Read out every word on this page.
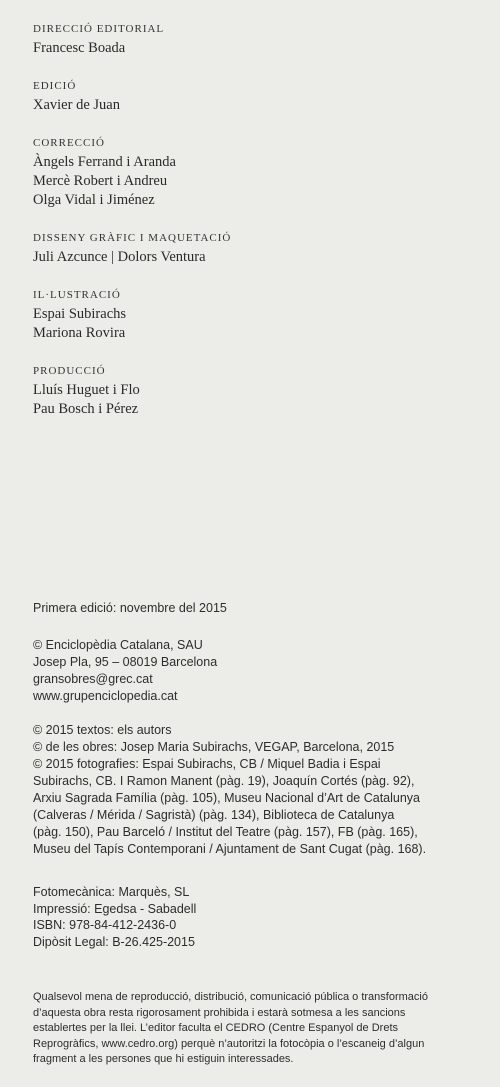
DIRECCIÓ EDITORIAL
Francesc Boada
EDICIÓ
Xavier de Juan
CORRECCIÓ
Àngels Ferrand i Aranda
Mercè Robert i Andreu
Olga Vidal i Jiménez
DISSENY GRÀFIC I MAQUETACIÓ
Juli Azcunce | Dolors Ventura
IL·LUSTRACIÓ
Espai Subirachs
Mariona Rovira
PRODUCCIÓ
Lluís Huguet i Flo
Pau Bosch i Pérez
Primera edició: novembre del 2015
© Enciclopèdia Catalana, SAU
Josep Pla, 95 – 08019 Barcelona
gransobres@grec.cat
www.grupenciclopedia.cat
© 2015 textos: els autors
© de les obres: Josep Maria Subirachs, VEGAP, Barcelona, 2015
© 2015 fotografies: Espai Subirachs, CB / Miquel Badia i Espai
Subirachs, CB. I Ramon Manent (pàg. 19), Joaquín Cortés (pàg. 92),
Arxiu Sagrada Família (pàg. 105), Museu Nacional d’Art de Catalunya
(Calveras / Mérida / Sagristà) (pàg. 134), Biblioteca de Catalunya
(pàg. 150), Pau Barceló / Institut del Teatre (pàg. 157), FB (pàg. 165),
Museu del Tapís Contemporani / Ajuntament de Sant Cugat (pàg. 168).
Fotomecànica: Marquès, SL
Impressió: Egedsa - Sabadell
ISBN: 978-84-412-2436-0
Dipòsit Legal: B-26.425-2015
Qualsevol mena de reproducció, distribució, comunicació pública o transformació
d’aquesta obra resta rigorosament prohibida i estarà sotmesa a les sancions
establertes per la llei. L’editor faculta el CEDRO (Centre Espanyol de Drets
Reprogràfics, www.cedro.org) perquè n’autoritzi la fotocòpia o l’escaneig d’algun
fragment a les persones que hi estiguin interessades.
